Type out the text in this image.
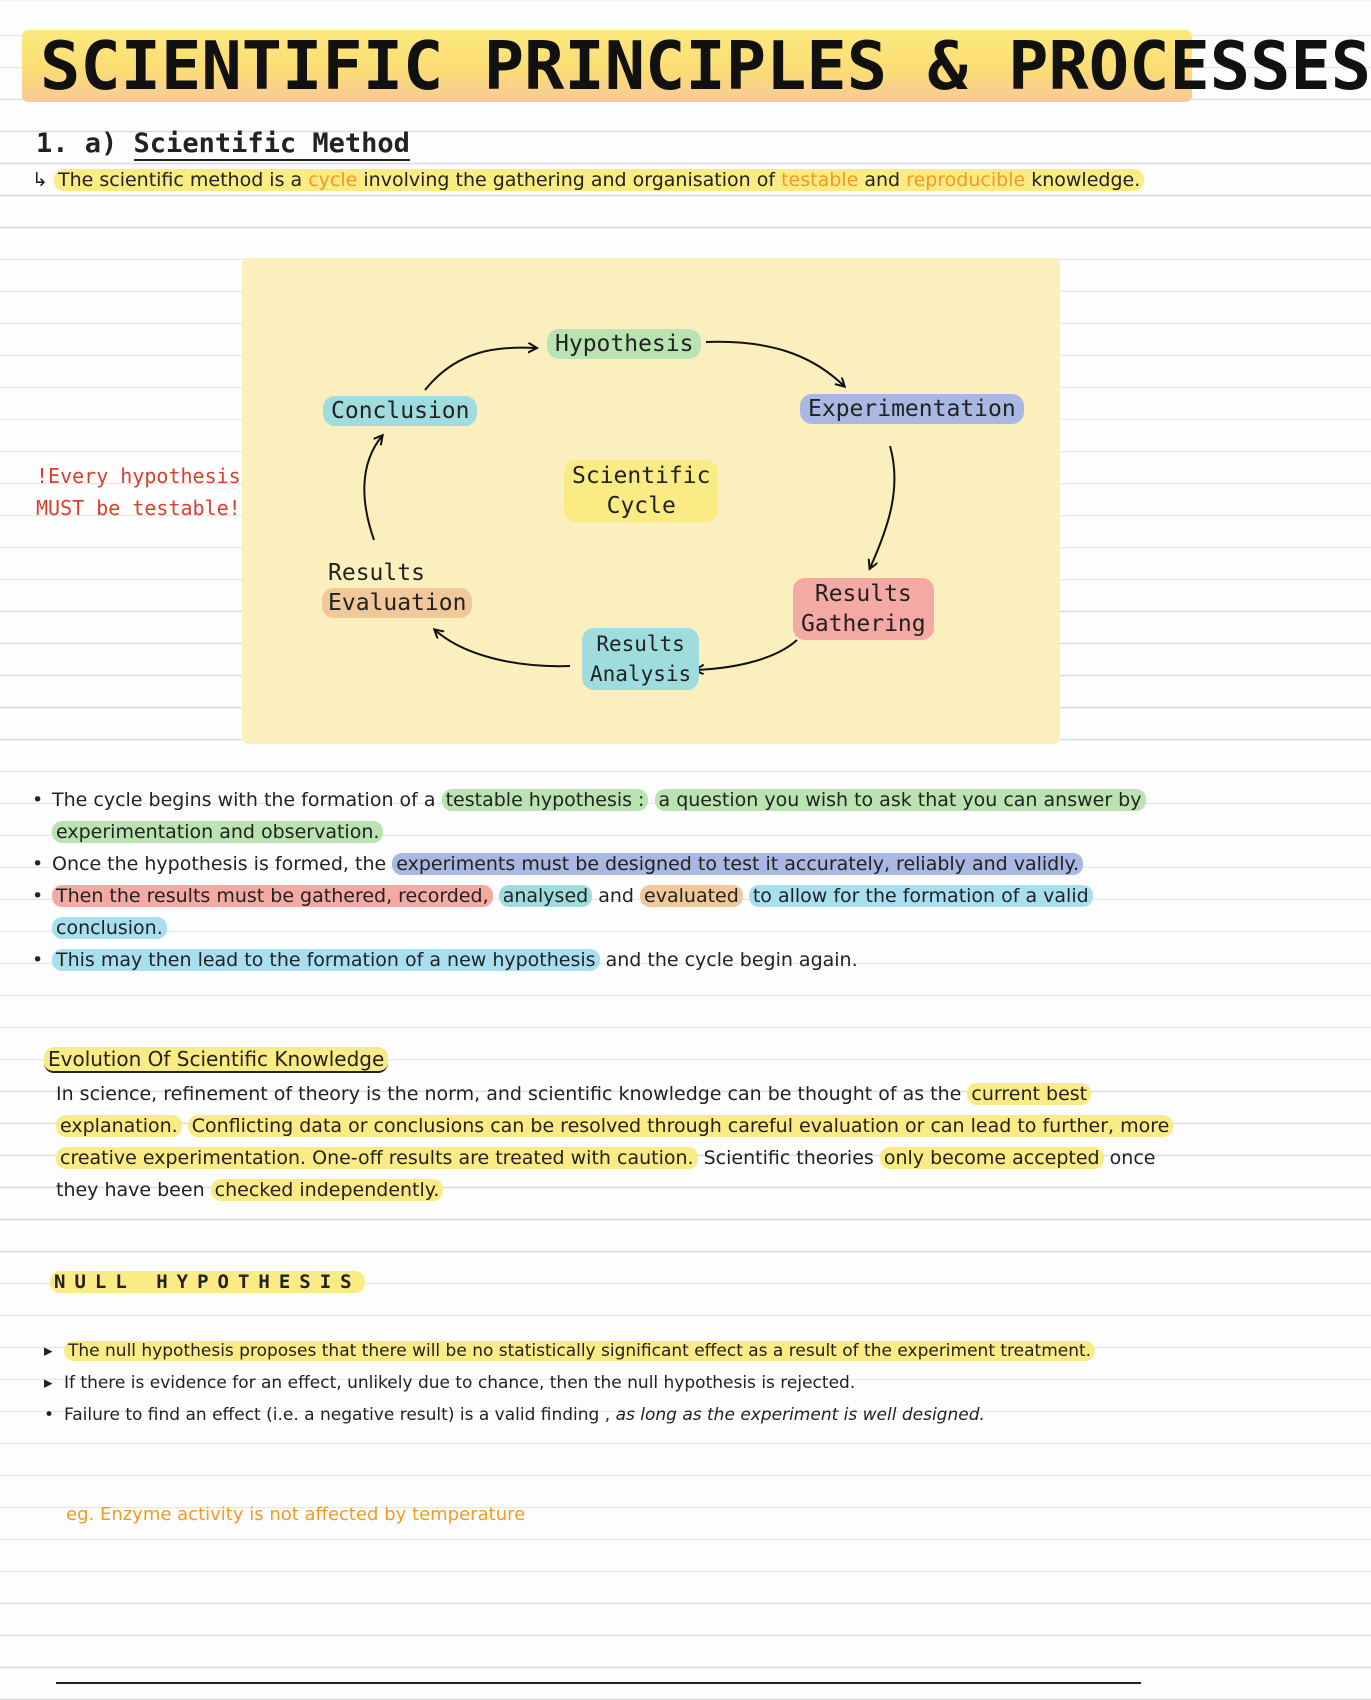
SCIENTIFIC PRINCIPLES & PROCESSES
1. a) Scientific Method
↳ The scientific method is a cycle involving the gathering and organisation of testable and reproducible knowledge.
Hypothesis
Experimentation
Conclusion
Scientific
Cycle
Results
Evaluation	Results
Gathering
Results
Analysis
!Every hypothesis
MUST be testable!
• The cycle begins with the formation of a testable hypothesis : a question you wish to ask that you can answer by experimentation and observation.
• Once the hypothesis is formed, the experiments must be designed to test it accurately, reliably and validly.
• Then the results must be gathered, recorded, analysed and evaluated to allow for the formation of a valid conclusion.
• This may then lead to the formation of a new hypothesis and the cycle begin again.
Evolution Of Scientific Knowledge
In science, refinement of theory is the norm, and scientific knowledge can be thought of as the current best explanation. Conflicting data or conclusions can be resolved through careful evaluation or can lead to further, more creative experimentation. One-off results are treated with caution. Scientific theories only become accepted once they have been checked independently.
NULL HYPOTHESIS
▸ The null hypothesis proposes that there will be no statistically significant effect as a result of the experiment treatment.
▸ If there is evidence for an effect, unlikely due to chance, then the null hypothesis is rejected.
• Failure to find an effect (i.e. a negative result) is a valid finding , as long as the experiment is well designed.
eg. Enzyme activity is not affected by temperature
